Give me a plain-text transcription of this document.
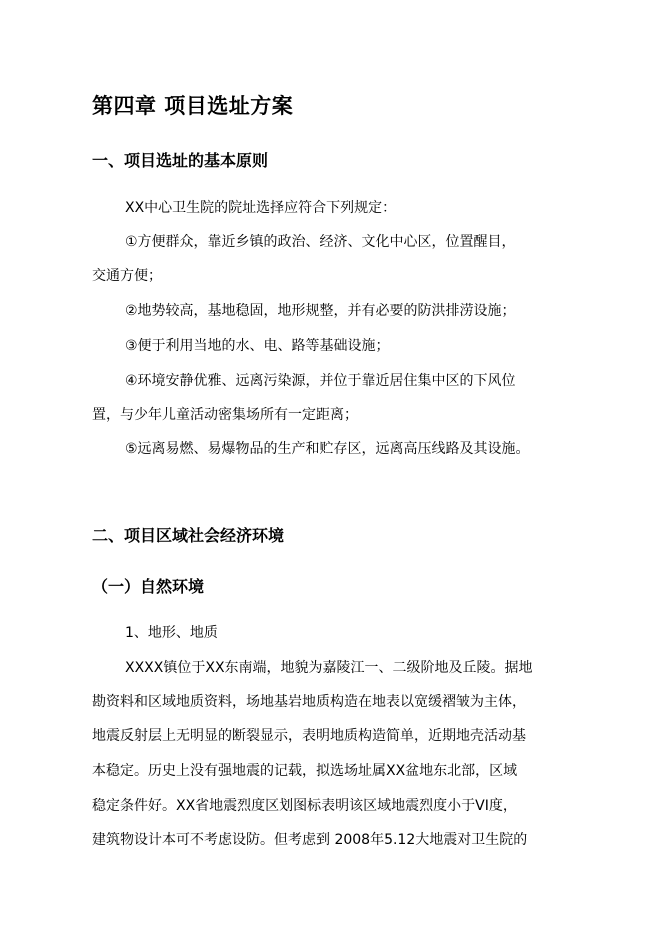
第四章 项目选址方案
一、项目选址的基本原则
XX中心卫生院的院址选择应符合下列规定：
①方便群众，靠近乡镇的政治、经济、文化中心区，位置醒目，
交通方便；
②地势较高，基地稳固，地形规整，并有必要的防洪排涝设施；
③便于利用当地的水、电、路等基础设施；
④环境安静优雅、远离污染源，并位于靠近居住集中区的下风位
置，与少年儿童活动密集场所有一定距离；
⑤远离易燃、易爆物品的生产和贮存区，远离高压线路及其设施。
二、项目区域社会经济环境
（一）自然环境
1、地形、地质
XXXX镇位于XX东南端，地貌为嘉陵江一、二级阶地及丘陵。据地
勘资料和区域地质资料，场地基岩地质构造在地表以宽缓褶皱为主体，
地震反射层上无明显的断裂显示，表明地质构造简单，近期地壳活动基
本稳定。历史上没有强地震的记载，拟选场址属XX盆地东北部，区域
稳定条件好。XX省地震烈度区划图标表明该区域地震烈度小于VI度，
建筑物设计本可不考虑设防。但考虑到 2008年5.12大地震对卫生院的
